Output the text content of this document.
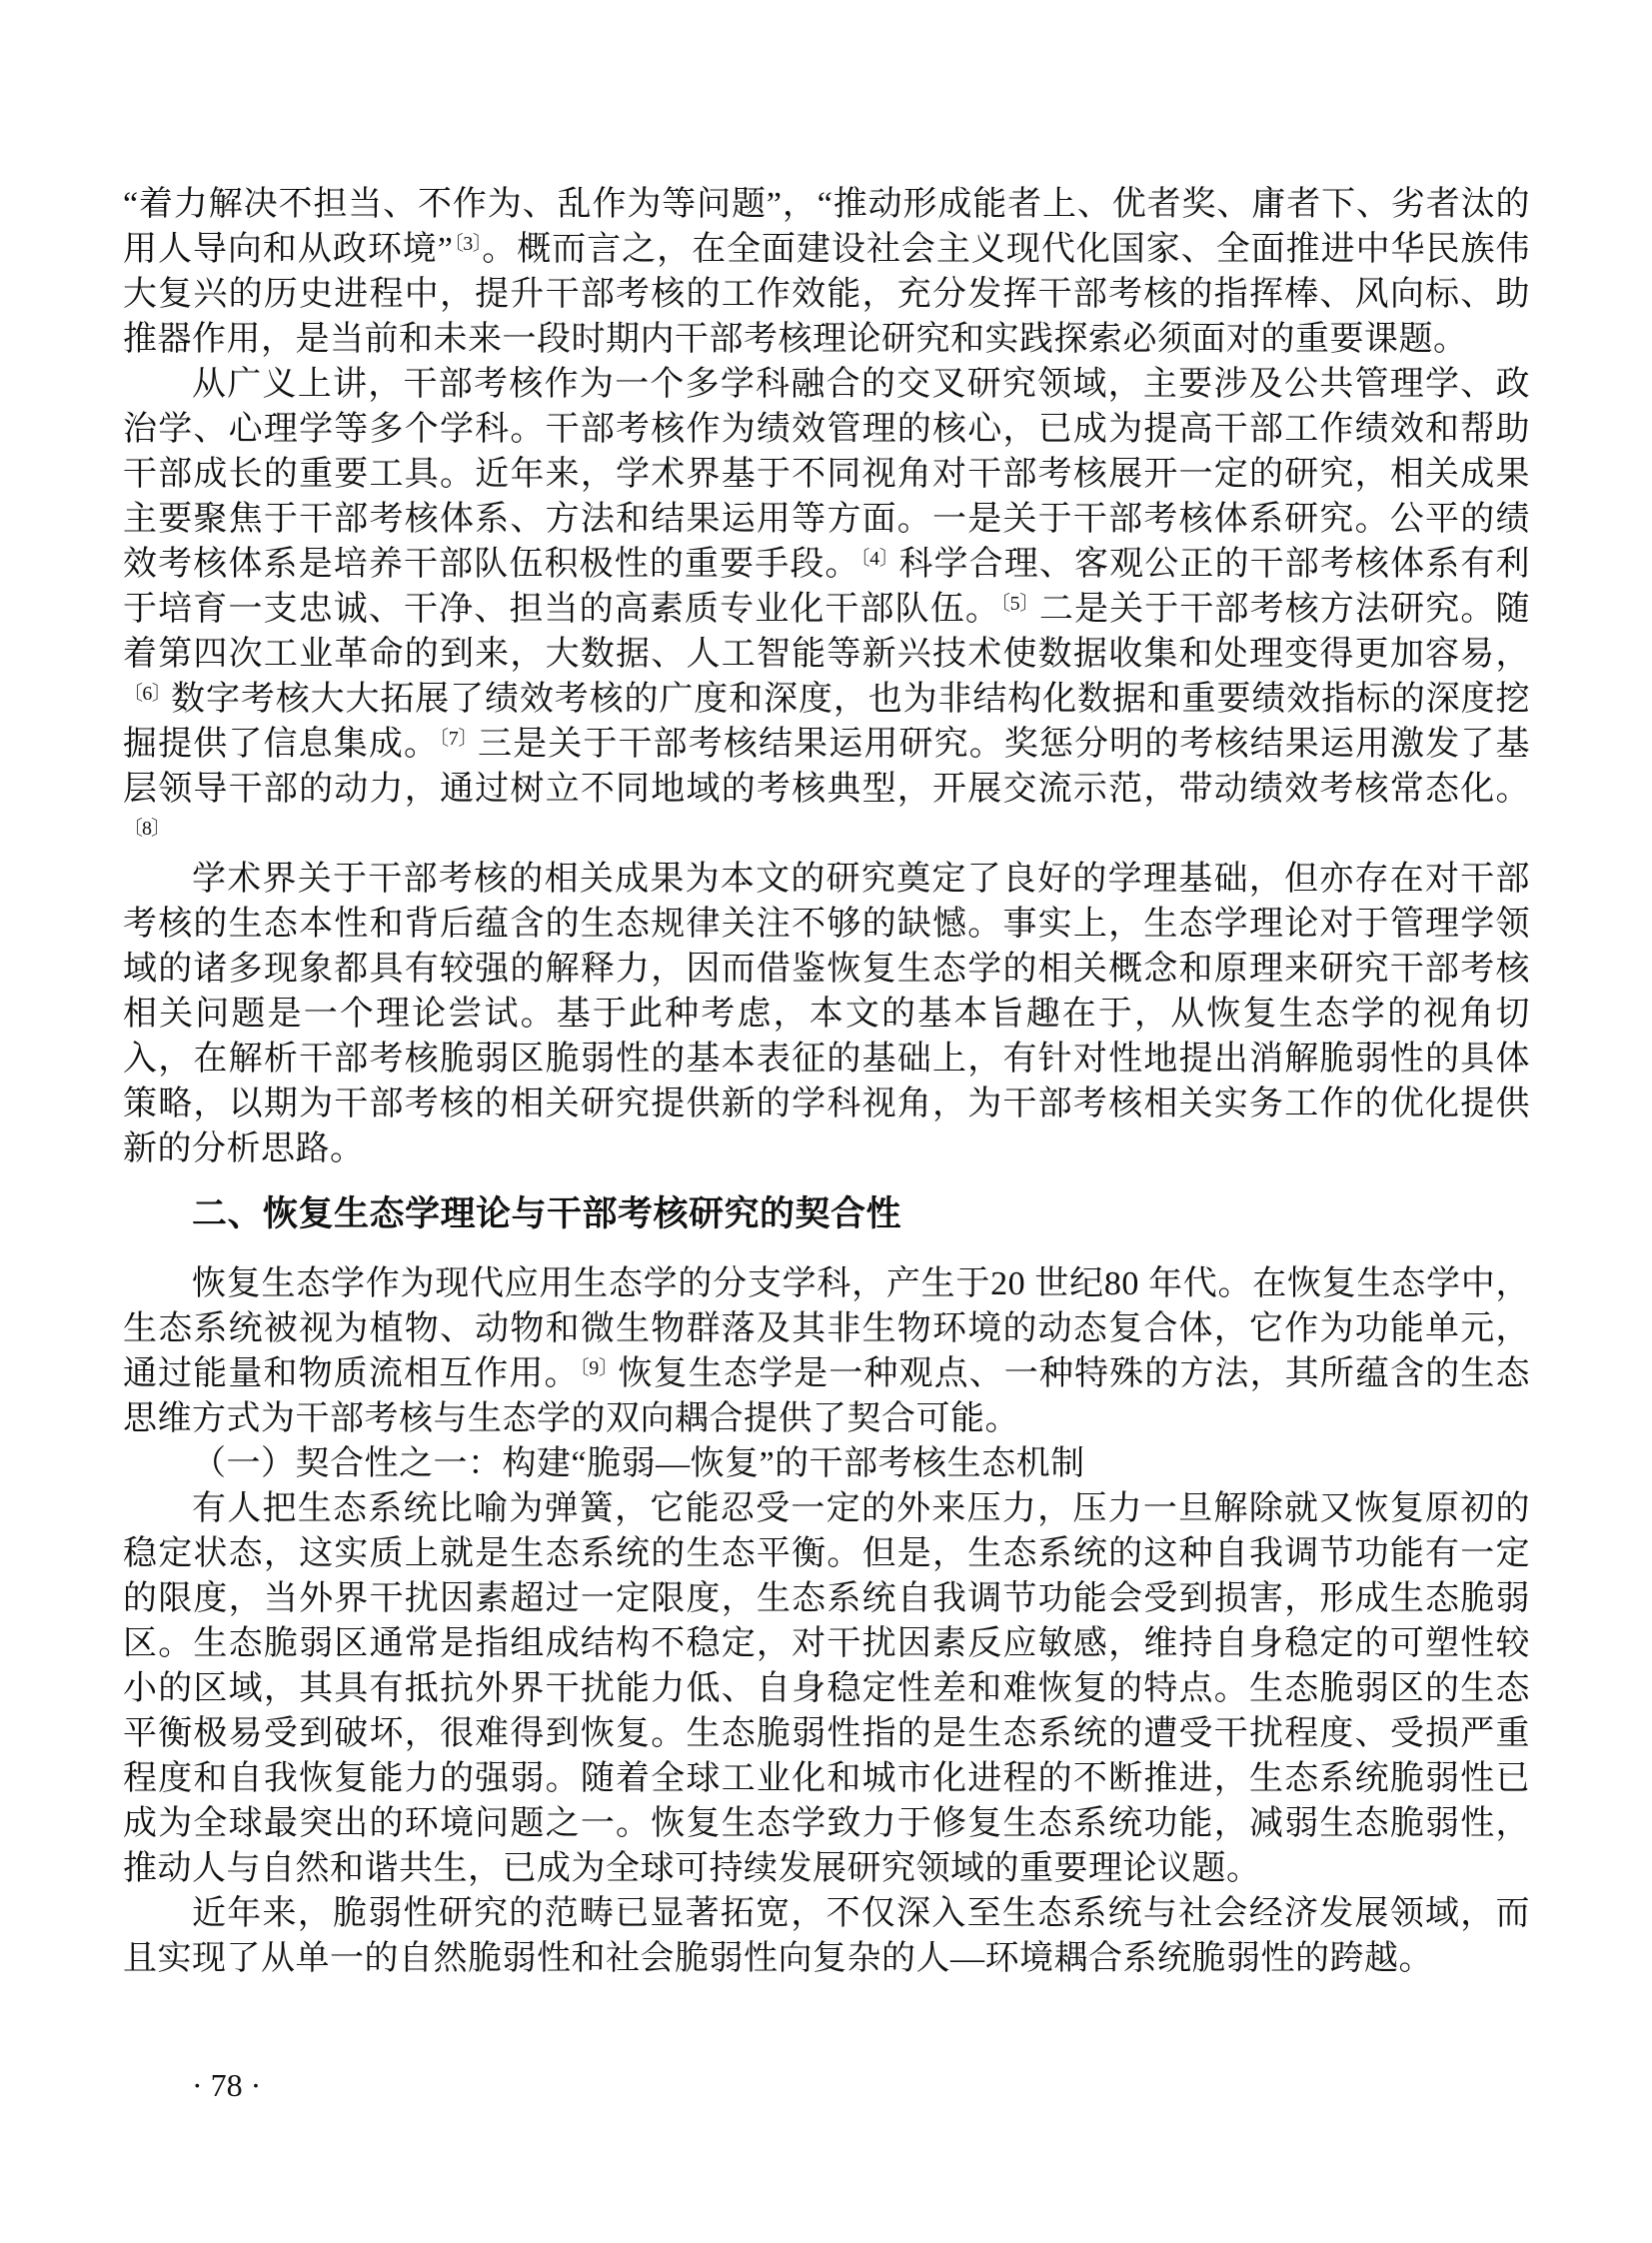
“着力解决不担当、不作为、乱作为等问题”，“推动形成能者上、优者奖、庸者下、劣者汰的用人导向和从政环境”$^{〔3〕}$。概而言之，在全面建设社会主义现代化国家、全面推进中华民族伟大复兴的历史进程中，提升干部考核的工作效能，充分发挥干部考核的指挥棒、风向标、助推器作用，是当前和未来一段时期内干部考核理论研究和实践探索必须面对的重要课题。

从广义上讲，干部考核作为一个多学科融合的交叉研究领域，主要涉及公共管理学、政治学、心理学等多个学科。干部考核作为绩效管理的核心，已成为提高干部工作绩效和帮助干部成长的重要工具。近年来，学术界基于不同视角对干部考核展开一定的研究，相关成果主要聚焦于干部考核体系、方法和结果运用等方面。一是关于干部考核体系研究。公平的绩效考核体系是培养干部队伍积极性的重要手段。$^{〔4〕}$科学合理、客观公正的干部考核体系有利于培育一支忠诚、干净、担当的高素质专业化干部队伍。$^{〔5〕}$二是关于干部考核方法研究。随着第四次工业革命的到来，大数据、人工智能等新兴技术使数据收集和处理变得更加容易，$^{〔6〕}$数字考核大大拓展了绩效考核的广度和深度，也为非结构化数据和重要绩效指标的深度挖掘提供了信息集成。$^{〔7〕}$三是关于干部考核结果运用研究。奖惩分明的考核结果运用激发了基层领导干部的动力，通过树立不同地域的考核典型，开展交流示范，带动绩效考核常态化。$^{〔8〕}$

学术界关于干部考核的相关成果为本文的研究奠定了良好的学理基础，但亦存在对干部考核的生态本性和背后蕴含的生态规律关注不够的缺憾。事实上，生态学理论对于管理学领域的诸多现象都具有较强的解释力，因而借鉴恢复生态学的相关概念和原理来研究干部考核相关问题是一个理论尝试。基于此种考虑，本文的基本旨趣在于，从恢复生态学的视角切入，在解析干部考核脆弱区脆弱性的基本表征的基础上，有针对性地提出消解脆弱性的具体策略，以期为干部考核的相关研究提供新的学科视角，为干部考核相关实务工作的优化提供新的分析思路。

二、恢复生态学理论与干部考核研究的契合性

恢复生态学作为现代应用生态学的分支学科，产生于20 世纪80 年代。在恢复生态学中，生态系统被视为植物、动物和微生物群落及其非生物环境的动态复合体，它作为功能单元，通过能量和物质流相互作用。$^{〔9〕}$恢复生态学是一种观点、一种特殊的方法，其所蕴含的生态思维方式为干部考核与生态学的双向耦合提供了契合可能。

（一）契合性之一：构建“脆弱—恢复”的干部考核生态机制

有人把生态系统比喻为弹簧，它能忍受一定的外来压力，压力一旦解除就又恢复原初的稳定状态，这实质上就是生态系统的生态平衡。但是，生态系统的这种自我调节功能有一定的限度，当外界干扰因素超过一定限度，生态系统自我调节功能会受到损害，形成生态脆弱区。生态脆弱区通常是指组成结构不稳定，对干扰因素反应敏感，维持自身稳定的可塑性较小的区域，其具有抵抗外界干扰能力低、自身稳定性差和难恢复的特点。生态脆弱区的生态平衡极易受到破坏，很难得到恢复。生态脆弱性指的是生态系统的遭受干扰程度、受损严重程度和自我恢复能力的强弱。随着全球工业化和城市化进程的不断推进，生态系统脆弱性已成为全球最突出的环境问题之一。恢复生态学致力于修复生态系统功能，减弱生态脆弱性，推动人与自然和谐共生，已成为全球可持续发展研究领域的重要理论议题。

近年来，脆弱性研究的范畴已显著拓宽，不仅深入至生态系统与社会经济发展领域，而且实现了从单一的自然脆弱性和社会脆弱性向复杂的人—环境耦合系统脆弱性的跨越。

· 78 ·
